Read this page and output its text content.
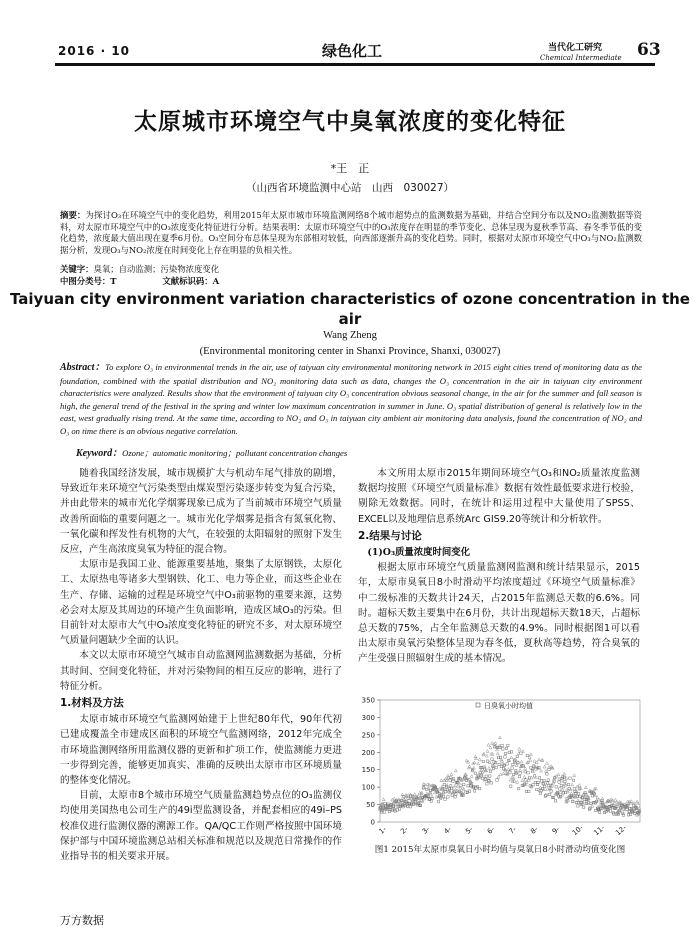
2016 · 10	绿色化工	当代化工研究
Chemical Intermediate 63
太原城市环境空气中臭氧浓度的变化特征
*王　正
（山西省环境监测中心站　山西　030027）
摘要：为探讨O₃在环境空气中的变化趋势，利用2015年太原市城市环境监测网络8个城市超势点的监测数据为基础，并结合空间分布以及NO₂监测数据等资料，对太原市环境空气中的O₃浓度变化特征进行分析。结果表明：太原市环境空气中的O₃浓度存在明显的季节变化、总体呈现为夏秋季节高、春冬季节低的变化趋势，浓度最大值出现在夏季6月份。O₃空间分布总体呈现为东部相对较低，向西部逐渐升高的变化趋势。同时，根据对太原市环境空气中O₃与NO₂监测数据分析，发现O₃与NO₂浓度在时间变化上存在明显的负相关性。
关键字：臭氧；自动监测；污染物浓度变化
中图分类号：T	文献标识码：A
Taiyuan city environment variation characteristics of ozone concentration in the air
Wang Zheng
(Environmental monitoring center in Shanxi Province, Shanxi, 030027)
Abstract：To explore O₃ in environmental trends in the air, use of taiyuan city environmental monitoring network in 2015 eight cities trend of monitoring data as the foundation, combined with the spatial distribution and NO₂ monitoring data such as data, changes the O₃ concentration in the air in taiyuan city environment characteristics were analyzed. Results show that the environment of taiyuan city O₃ concentration obvious seasonal change, in the air for the summer and fall season is high, the general trend of the festival in the spring and winter low maximum concentration in summer in June. O₃ spatial distribution of general is relatively low in the east, west gradually rising trend. At the same time, according to NO₂ and O₃ in taiyuan city ambient air monitoring data analysis, found the concentration of NO₂ and O₃ on time there is an obvious negative correlation.
Keyword：Ozone；automatic monitoring；pollutant concentration changes

随着我国经济发展，城市规模扩大与机动车尾气排放的剧增，导致近年来环境空气污染类型由煤炭型污染逐步转变为复合污染，并由此带来的城市光化学烟雾现象已成为了当前城市环境空气质量改善所面临的重要问题之一。城市光化学烟雾是指含有氮氧化物、一氧化碳和挥发性有机物的大气，在较强的太阳辐射的照射下发生反应，产生高浓度臭氧为特征的混合物。

太原市是我国工业、能源重要基地，聚集了太原钢铁，太原化工、太原热电等诸多大型钢铁、化工、电力等企业，而这些企业在生产、存储、运输的过程是环境空气中O₃前驱物的重要来源，这势必会对太原及其周边的环境产生负面影响，造成区域O₃的污染。但目前针对太原市大气中O₃浓度变化特征的研究不多，对太原环境空气质量问题缺少全面的认识。

本文以太原市环境空气城市自动监测网监测数据为基础，分析其时间、空间变化特征，并对污染物间的相互反应的影响，进行了特征分析。

1.材料及方法

太原市城市环境空气监测网始建于上世纪80年代，90年代初已建成覆盖全市建成区面积的环境空气监测网络，2012年完成全市环境监测网络所用监测仪器的更新和扩项工作，使监测能力更进一步得到完善，能够更加真实、准确的反映出太原市市区环境质量的整体变化情况。

目前，太原市8个城市环境空气质量监测趋势点位的O₃监测仪均使用美国热电公司生产的49i型监测设备，并配套相应的49i–PS校准仪进行监测仪器的溯源工作。QA/QC工作则严格按照中国环境保护部与中国环境监测总站相关标准和规范以及规范日常操作的作业指导书的相关要求开展。

本文所用太原市2015年期间环境空气O₃和NO₂质量浓度监测数据均按照《环境空气质量标准》数据有效性最低要求进行校验，剔除无效数据。同时，在统计和运用过程中大量使用了SPSS、EXCEL以及地理信息系统Arc GIS9.20等统计和分析软件。

2.结果与讨论

(1)O₃质量浓度时间变化

根据太原市环境空气质量监测网监测和统计结果显示，2015年，太原市臭氧日8小时滑动平均浓度超过《环境空气质量标准》中二级标准的天数共计24天，占2015年监测总天数的6.6%。同时。超标天数主要集中在6月份，共计出现超标天数18天，占超标总天数的75%，占全年监测总天数的4.9%。同时根据图1可以看出太原市臭氧污染整体呈现为春冬低，夏秋高等趋势，符合臭氧的产生受强日照辐射生成的基本情况。

0
50
100
150
200
250
300
350
1- 2- 3- 4- 5- 6- 7- 8- 9- 10- 11- 12-
日臭氧小时均值
图1 2015年太原市臭氧日小时均值与臭氧日8小时滑动均值变化图
万方数据
